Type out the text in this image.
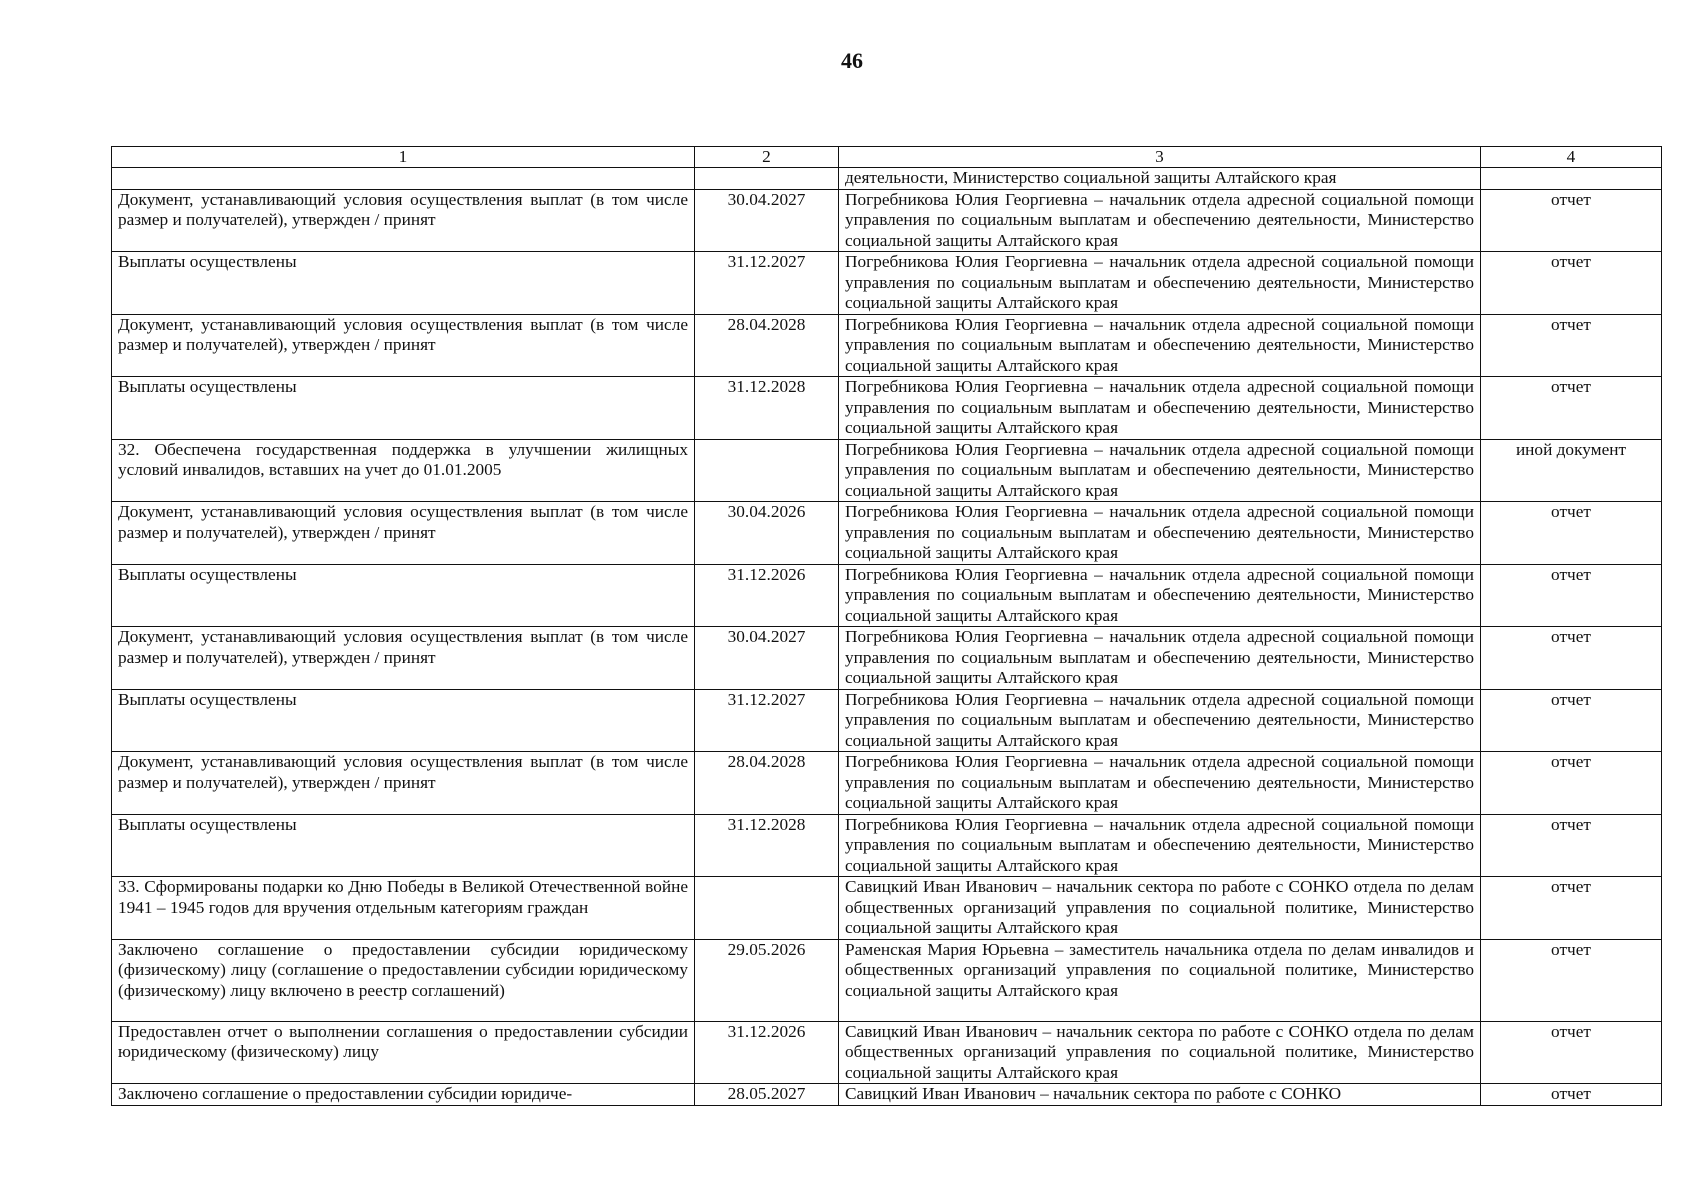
46
1	2	3	4
		деятельности, Министерство социальной защиты Алтайского края	
Документ, устанавливающий условия осуществления выплат (в том числе размер и получателей), утвержден / принят	30.04.2027	Погребникова Юлия Георгиевна – начальник отдела адресной социальной помощи управления по социальным выплатам и обеспечению деятельности, Министерство социальной защиты Алтайского края	отчет
Выплаты осуществлены	31.12.2027	Погребникова Юлия Георгиевна – начальник отдела адресной социальной помощи управления по социальным выплатам и обеспечению деятельности, Министерство социальной защиты Алтайского края	отчет
Документ, устанавливающий условия осуществления выплат (в том числе размер и получателей), утвержден / принят	28.04.2028	Погребникова Юлия Георгиевна – начальник отдела адресной социальной помощи управления по социальным выплатам и обеспечению деятельности, Министерство социальной защиты Алтайского края	отчет
Выплаты осуществлены	31.12.2028	Погребникова Юлия Георгиевна – начальник отдела адресной социальной помощи управления по социальным выплатам и обеспечению деятельности, Министерство социальной защиты Алтайского края	отчет
32. Обеспечена государственная поддержка в улучшении жилищных условий инвалидов, вставших на учет до 01.01.2005		Погребникова Юлия Георгиевна – начальник отдела адресной социальной помощи управления по социальным выплатам и обеспечению деятельности, Министерство социальной защиты Алтайского края	иной документ
Документ, устанавливающий условия осуществления выплат (в том числе размер и получателей), утвержден / принят	30.04.2026	Погребникова Юлия Георгиевна – начальник отдела адресной социальной помощи управления по социальным выплатам и обеспечению деятельности, Министерство социальной защиты Алтайского края	отчет
Выплаты осуществлены	31.12.2026	Погребникова Юлия Георгиевна – начальник отдела адресной социальной помощи управления по социальным выплатам и обеспечению деятельности, Министерство социальной защиты Алтайского края	отчет
Документ, устанавливающий условия осуществления выплат (в том числе размер и получателей), утвержден / принят	30.04.2027	Погребникова Юлия Георгиевна – начальник отдела адресной социальной помощи управления по социальным выплатам и обеспечению деятельности, Министерство социальной защиты Алтайского края	отчет
Выплаты осуществлены	31.12.2027	Погребникова Юлия Георгиевна – начальник отдела адресной социальной помощи управления по социальным выплатам и обеспечению деятельности, Министерство социальной защиты Алтайского края	отчет
Документ, устанавливающий условия осуществления выплат (в том числе размер и получателей), утвержден / принят	28.04.2028	Погребникова Юлия Георгиевна – начальник отдела адресной социальной помощи управления по социальным выплатам и обеспечению деятельности, Министерство социальной защиты Алтайского края	отчет
Выплаты осуществлены	31.12.2028	Погребникова Юлия Георгиевна – начальник отдела адресной социальной помощи управления по социальным выплатам и обеспечению деятельности, Министерство социальной защиты Алтайского края	отчет
33. Сформированы подарки ко Дню Победы в Великой Отечественной войне 1941 – 1945 годов для вручения отдельным категориям граждан		Савицкий Иван Иванович – начальник сектора по работе с СОНКО отдела по делам общественных организаций управления по социальной политике, Министерство социальной защиты Алтайского края	отчет
Заключено соглашение о предоставлении субсидии юридическому (физическому) лицу (соглашение о предоставлении субсидии юридическому (физическому) лицу включено в реестр соглашений)	29.05.2026	Раменская Мария Юрьевна – заместитель начальника отдела по делам инвалидов и общественных организаций управления по социальной политике, Министерство социальной защиты Алтайского края	отчет
Предоставлен отчет о выполнении соглашения о предоставлении субсидии юридическому (физическому) лицу	31.12.2026	Савицкий Иван Иванович – начальник сектора по работе с СОНКО отдела по делам общественных организаций управления по социальной политике, Министерство социальной защиты Алтайского края	отчет
Заключено соглашение о предоставлении субсидии юридиче-	28.05.2027	Савицкий Иван Иванович – начальник сектора по работе с СОНКО	отчет
